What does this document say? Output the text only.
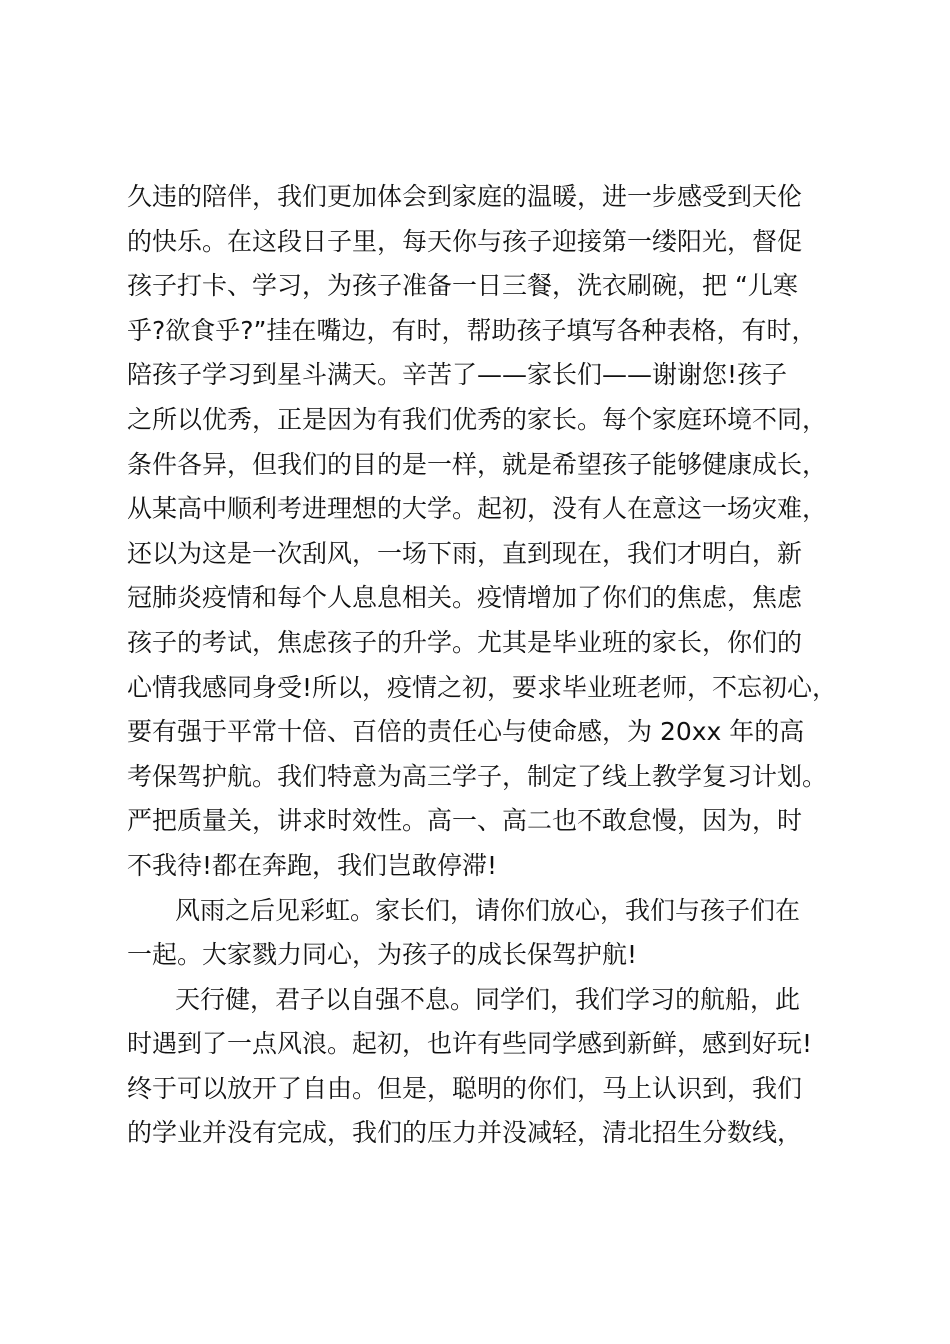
久违的陪伴，我们更加体会到家庭的温暖，进一步感受到天伦
的快乐。在这段日子里，每天你与孩子迎接第一缕阳光，督促
孩子打卡、学习，为孩子准备一日三餐，洗衣刷碗，把 “儿寒
乎?欲食乎?”挂在嘴边，有时，帮助孩子填写各种表格，有时，
陪孩子学习到星斗满天。辛苦了——家长们——谢谢您!孩子
之所以优秀，正是因为有我们优秀的家长。每个家庭环境不同，
条件各异，但我们的目的是一样，就是希望孩子能够健康成长，
从某高中顺利考进理想的大学。起初，没有人在意这一场灾难，
还以为这是一次刮风，一场下雨，直到现在，我们才明白，新
冠肺炎疫情和每个人息息相关。疫情增加了你们的焦虑，焦虑
孩子的考试，焦虑孩子的升学。尤其是毕业班的家长，你们的
心情我感同身受!所以，疫情之初，要求毕业班老师，不忘初心，
要有强于平常十倍、百倍的责任心与使命感，为 20xx 年的高
考保驾护航。我们特意为高三学子，制定了线上教学复习计划。
严把质量关，讲求时效性。高一、高二也不敢怠慢，因为，时
不我待!都在奔跑，我们岂敢停滞!
风雨之后见彩虹。家长们，请你们放心，我们与孩子们在
一起。大家戮力同心，为孩子的成长保驾护航!
天行健，君子以自强不息。同学们，我们学习的航船，此
时遇到了一点风浪。起初，也许有些同学感到新鲜，感到好玩!
终于可以放开了自由。但是，聪明的你们，马上认识到，我们
的学业并没有完成，我们的压力并没减轻，清北招生分数线，
